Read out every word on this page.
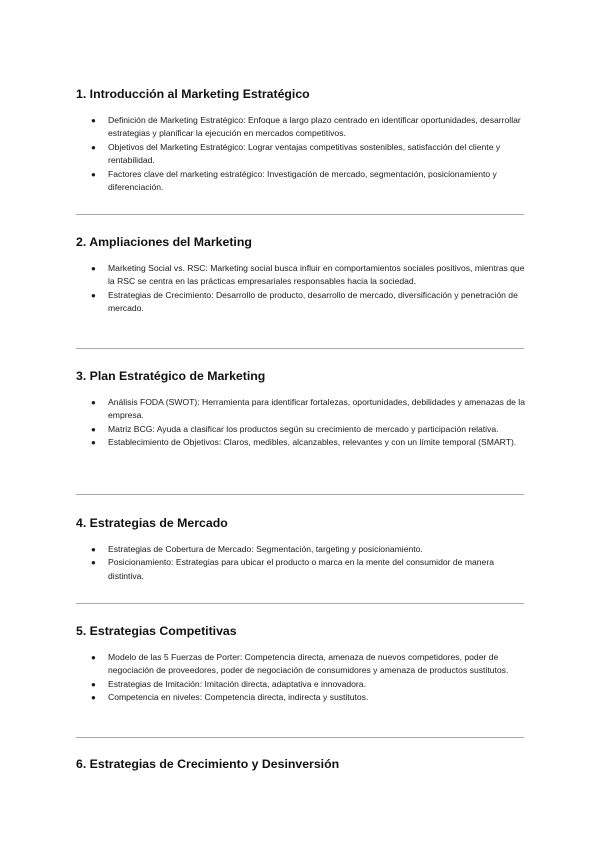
1. Introducción al Marketing Estratégico
● Definición de Marketing Estratégico: Enfoque a largo plazo centrado en identificar oportunidades, desarrollar estrategias y planificar la ejecución en mercados competitivos.
● Objetivos del Marketing Estratégico: Lograr ventajas competitivas sostenibles, satisfacción del cliente y rentabilidad.
● Factores clave del marketing estratégico: Investigación de mercado, segmentación, posicionamiento y diferenciación.
2. Ampliaciones del Marketing
● Marketing Social vs. RSC: Marketing social busca influir en comportamientos sociales positivos, mientras que la RSC se centra en las prácticas empresariales responsables hacia la sociedad.
● Estrategias de Crecimiento: Desarrollo de producto, desarrollo de mercado, diversificación y penetración de mercado.
3. Plan Estratégico de Marketing
● Análisis FODA (SWOT): Herramienta para identificar fortalezas, oportunidades, debilidades y amenazas de la empresa.
● Matriz BCG: Ayuda a clasificar los productos según su crecimiento de mercado y participación relativa.
● Establecimiento de Objetivos: Claros, medibles, alcanzables, relevantes y con un límite temporal (SMART).
4. Estrategias de Mercado
● Estrategias de Cobertura de Mercado: Segmentación, targeting y posicionamiento.
● Posicionamiento: Estrategias para ubicar el producto o marca en la mente del consumidor de manera distintiva.
5. Estrategias Competitivas
● Modelo de las 5 Fuerzas de Porter: Competencia directa, amenaza de nuevos competidores, poder de negociación de proveedores, poder de negociación de consumidores y amenaza de productos sustitutos.
● Estrategias de Imitación: Imitación directa, adaptativa e innovadora.
● Competencia en niveles: Competencia directa, indirecta y sustitutos.
6. Estrategias de Crecimiento y Desinversión
